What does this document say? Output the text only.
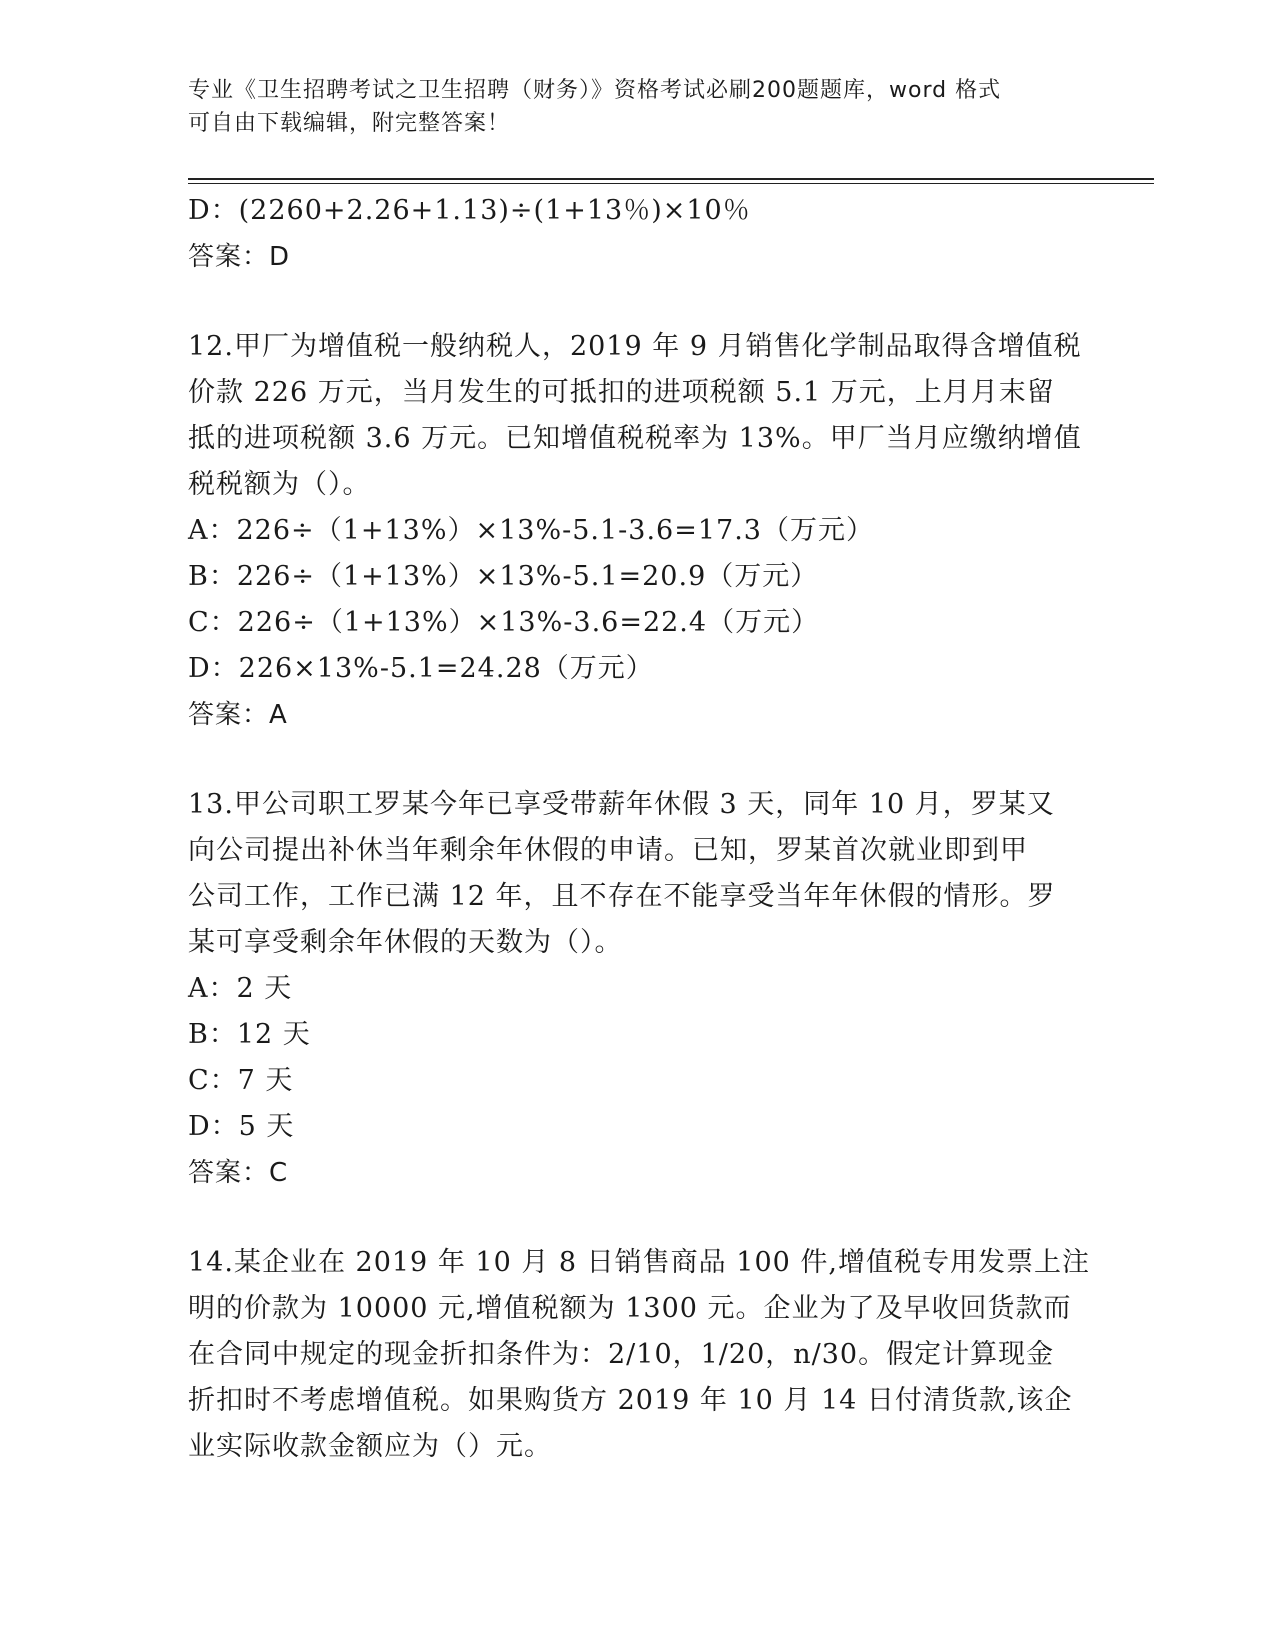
专业《卫生招聘考试之卫生招聘（财务）》资格考试必刷200题题库，word 格式
可自由下载编辑，附完整答案！
D：(2260+2.26+1.13)÷(1+13％)×10％
答案：D
12.甲厂为增值税一般纳税人，2019 年 9 月销售化学制品取得含增值税
价款 226 万元，当月发生的可抵扣的进项税额 5.1 万元，上月月末留
抵的进项税额 3.6 万元。已知增值税税率为 13%。甲厂当月应缴纳增值
税税额为（）。
A：226÷（1+13%）×13%-5.1-3.6=17.3（万元）
B：226÷（1+13%）×13%-5.1=20.9（万元）
C：226÷（1+13%）×13%-3.6=22.4（万元）
D：226×13%-5.1=24.28（万元）
答案：A
13.甲公司职工罗某今年已享受带薪年休假 3 天，同年 10 月，罗某又
向公司提出补休当年剩余年休假的申请。已知，罗某首次就业即到甲
公司工作，工作已满 12 年，且不存在不能享受当年年休假的情形。罗
某可享受剩余年休假的天数为（）。
A：2 天
B：12 天
C：7 天
D：5 天
答案：C
14.某企业在 2019 年 10 月 8 日销售商品 100 件,增值税专用发票上注
明的价款为 10000 元,增值税额为 1300 元。企业为了及早收回货款而
在合同中规定的现金折扣条件为：2/10，1/20，n/30。假定计算现金
折扣时不考虑增值税。如果购货方 2019 年 10 月 14 日付清货款,该企
业实际收款金额应为（）元。
